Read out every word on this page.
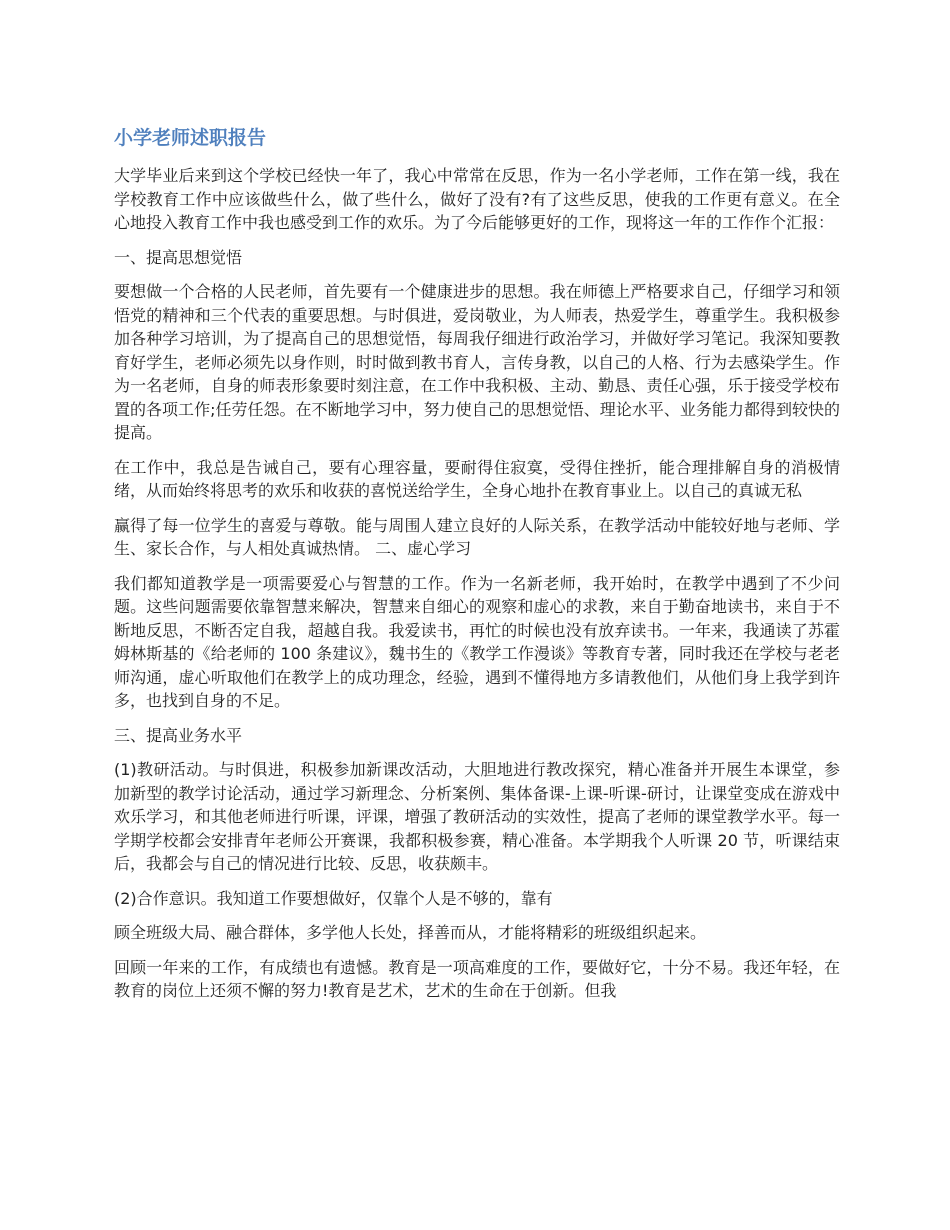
小学老师述职报告

大学毕业后来到这个学校已经快一年了，我心中常常在反思，作为一名小学老师，工作在第一线，我在学校教育工作中应该做些什么，做了些什么，做好了没有?有了这些反思，使我的工作更有意义。在全心地投入教育工作中我也感受到工作的欢乐。为了今后能够更好的工作，现将这一年的工作作个汇报：

一、提高思想觉悟

要想做一个合格的人民老师，首先要有一个健康进步的思想。我在师德上严格要求自己，仔细学习和领悟党的精神和三个代表的重要思想。与时俱进，爱岗敬业，为人师表，热爱学生，尊重学生。我积极参加各种学习培训，为了提高自己的思想觉悟，每周我仔细进行政治学习，并做好学习笔记。我深知要教育好学生，老师必须先以身作则，时时做到教书育人，言传身教，以自己的人格、行为去感染学生。作为一名老师，自身的师表形象要时刻注意，在工作中我积极、主动、勤恳、责任心强，乐于接受学校布置的各项工作;任劳任怨。在不断地学习中，努力使自己的思想觉悟、理论水平、业务能力都得到较快的提高。

在工作中，我总是告诫自己，要有心理容量，要耐得住寂寞，受得住挫折，能合理排解自身的消极情绪，从而始终将思考的欢乐和收获的喜悦送给学生，全身心地扑在教育事业上。以自己的真诚无私

赢得了每一位学生的喜爱与尊敬。能与周围人建立良好的人际关系，在教学活动中能较好地与老师、学生、家长合作，与人相处真诚热情。 二、虚心学习

我们都知道教学是一项需要爱心与智慧的工作。作为一名新老师，我开始时，在教学中遇到了不少问题。这些问题需要依靠智慧来解决，智慧来自细心的观察和虚心的求教，来自于勤奋地读书，来自于不断地反思，不断否定自我，超越自我。我爱读书，再忙的时候也没有放弃读书。一年来，我通读了苏霍姆林斯基的《给老师的 100 条建议》，魏书生的《教学工作漫谈》等教育专著，同时我还在学校与老老师沟通，虚心听取他们在教学上的成功理念，经验，遇到不懂得地方多请教他们，从他们身上我学到许多，也找到自身的不足。

三、提高业务水平

(1)教研活动。与时俱进，积极参加新课改活动，大胆地进行教改探究，精心准备并开展生本课堂，参加新型的教学讨论活动，通过学习新理念、分析案例、集体备课-上课-听课-研讨，让课堂变成在游戏中欢乐学习，和其他老师进行听课，评课，增强了教研活动的实效性，提高了老师的课堂教学水平。每一学期学校都会安排青年老师公开赛课，我都积极参赛，精心准备。本学期我个人听课 20 节，听课结束后，我都会与自己的情况进行比较、反思，收获颇丰。

(2)合作意识。我知道工作要想做好，仅靠个人是不够的，靠有

顾全班级大局、融合群体，多学他人长处，择善而从，才能将精彩的班级组织起来。

回顾一年来的工作，有成绩也有遗憾。教育是一项高难度的工作，要做好它，十分不易。我还年轻，在教育的岗位上还须不懈的努力!教育是艺术，艺术的生命在于创新。但我
